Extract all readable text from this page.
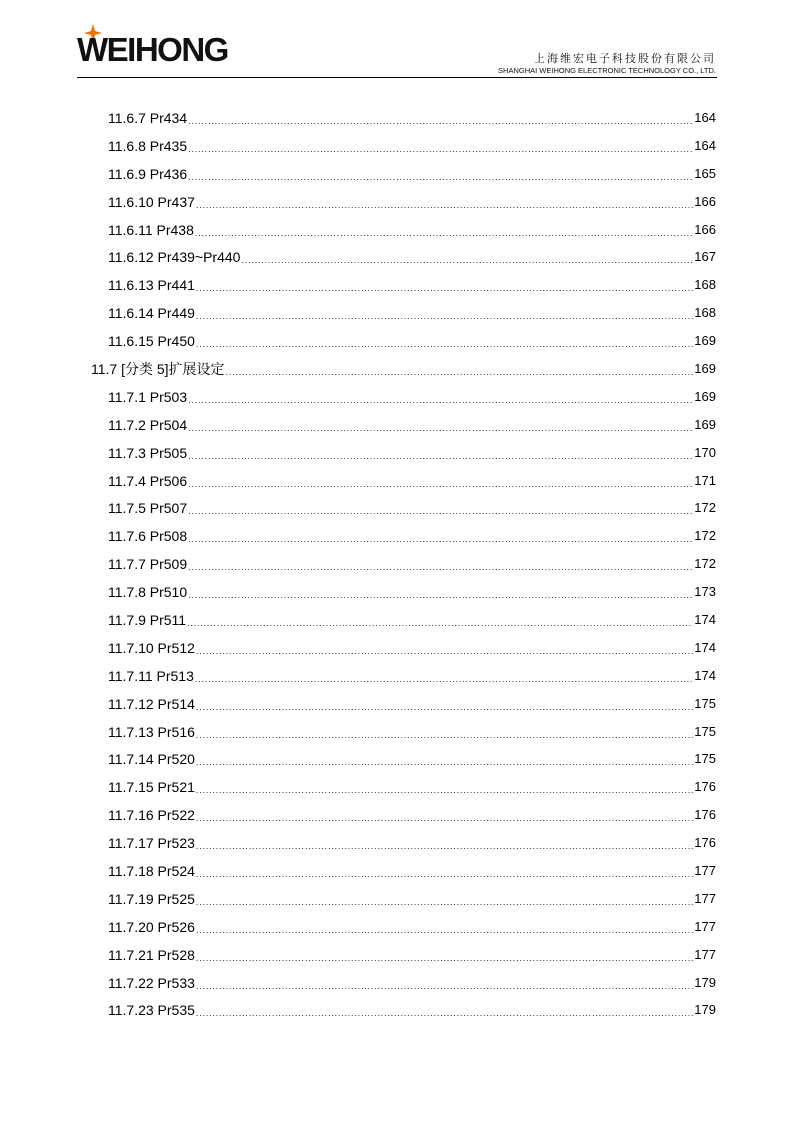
WEIHONG	上海维宏电子科技股份有限公司
SHANGHAI WEIHONG ELECTRONIC TECHNOLOGY CO., LTD.
11.6.7 Pr434 .....	164
11.6.8 Pr435 .....	164
11.6.9 Pr436 .....	165
11.6.10 Pr437 .....	166
11.6.11 Pr438 .....	166
11.6.12 Pr439~Pr440 .....	167
11.6.13 Pr441 .....	168
11.6.14 Pr449 .....	168
11.6.15 Pr450 .....	169
11.7 [分类 5]扩展设定 .....	169
11.7.1 Pr503 .....	169
11.7.2 Pr504 .....	169
11.7.3 Pr505 .....	170
11.7.4 Pr506 .....	171
11.7.5 Pr507 .....	172
11.7.6 Pr508 .....	172
11.7.7 Pr509 .....	172
11.7.8 Pr510 .....	173
11.7.9 Pr511 .....	174
11.7.10 Pr512 .....	174
11.7.11 Pr513 .....	174
11.7.12 Pr514 .....	175
11.7.13 Pr516 .....	175
11.7.14 Pr520 .....	175
11.7.15 Pr521 .....	176
11.7.16 Pr522 .....	176
11.7.17 Pr523 .....	176
11.7.18 Pr524 .....	177
11.7.19 Pr525 .....	177
11.7.20 Pr526 .....	177
11.7.21 Pr528 .....	177
11.7.22 Pr533 .....	179
11.7.23 Pr535 .....	179
